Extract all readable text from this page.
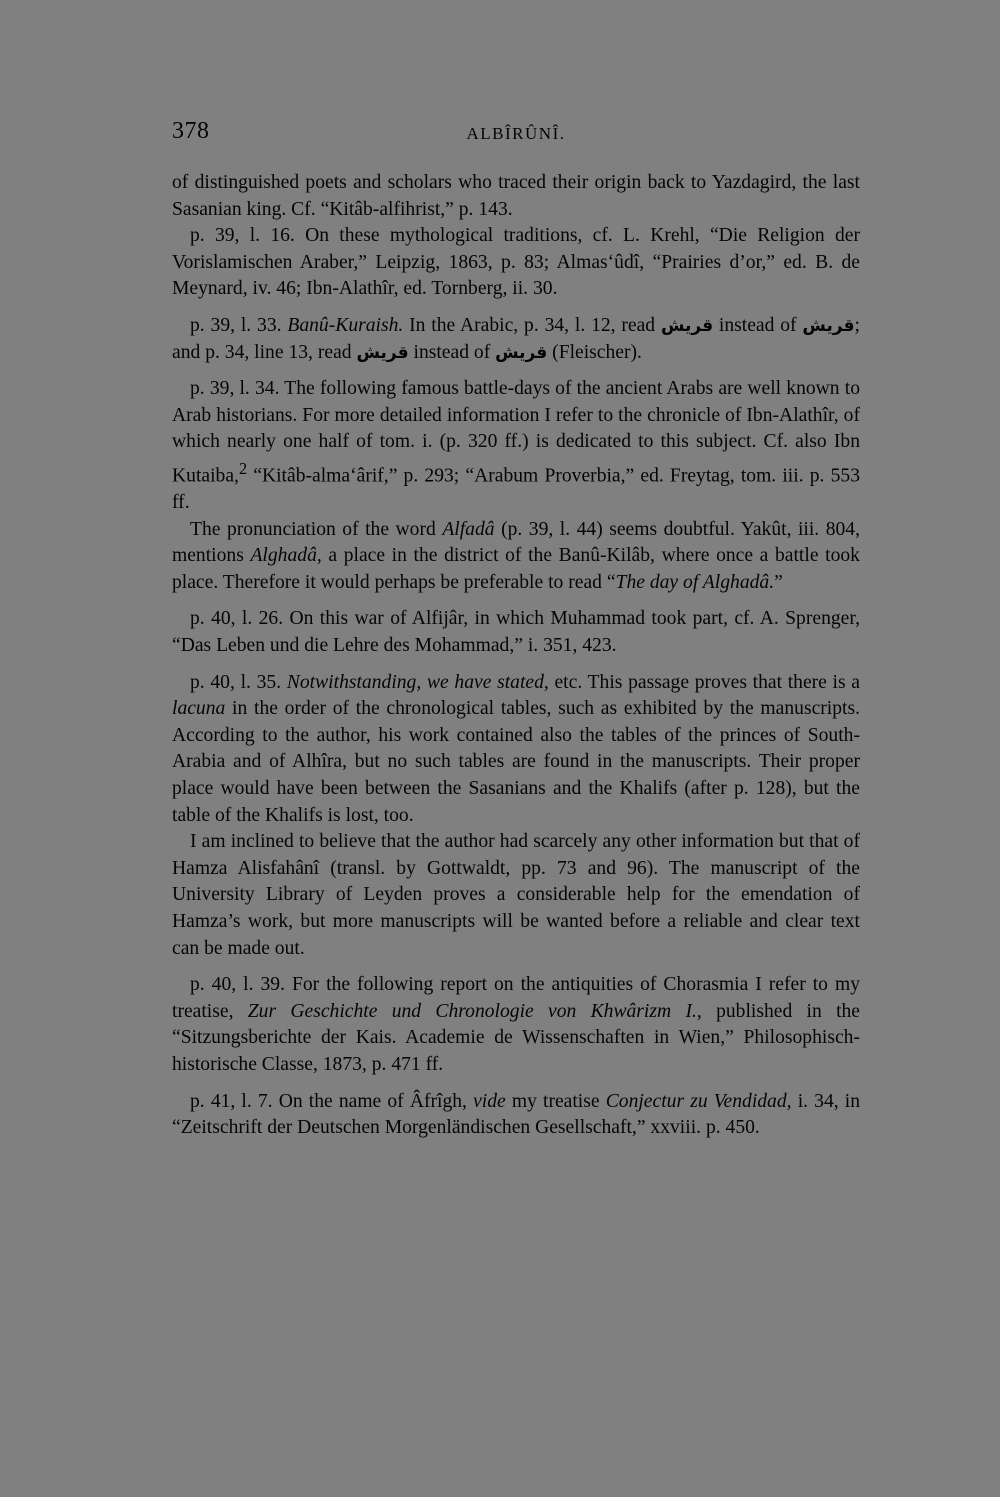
378	ALBÎRÛNÎ.

of distinguished poets and scholars who traced their origin back to Yazdagird, the last Sasanian king. Cf. “Kitâb-alfihrist,” p. 143.

p. 39, l. 16. On these mythological traditions, cf. L. Krehl, “Die Religion der Vorislamischen Araber,” Leipzig, 1863, p. 83; Almas‘ûdî, “Prairies d’or,” ed. B. de Meynard, iv. 46; Ibn-Alathîr, ed. Tornberg, ii. 30.

p. 39, l. 33. Banû-Kuraish. In the Arabic, p. 34, l. 12, read قريش instead of قريش; and p. 34, line 13, read قريش instead of قريش (Fleischer).

p. 39, l. 34. The following famous battle-days of the ancient Arabs are well known to Arab historians. For more detailed information I refer to the chronicle of Ibn-Alathîr, of which nearly one half of tom. i. (p. 320 ff.) is dedicated to this subject. Cf. also Ibn Kutaiba,$^2$ “Kitâb-alma‘ârif,” p. 293; “Arabum Proverbia,” ed. Freytag, tom. iii. p. 553 ff.

The pronunciation of the word Alfadâ (p. 39, l. 44) seems doubtful. Yakût, iii. 804, mentions Alghadâ, a place in the district of the Banû-Kilâb, where once a battle took place. Therefore it would perhaps be preferable to read “The day of Alghadâ.”

p. 40, l. 26. On this war of Alfijâr, in which Muhammad took part, cf. A. Sprenger, “Das Leben und die Lehre des Mohammad,” i. 351, 423.

p. 40, l. 35. Notwithstanding, we have stated, etc. This passage proves that there is a lacuna in the order of the chronological tables, such as exhibited by the manuscripts. According to the author, his work contained also the tables of the princes of South-Arabia and of Alhîra, but no such tables are found in the manuscripts. Their proper place would have been between the Sasanians and the Khalifs (after p. 128), but the table of the Khalifs is lost, too.

I am inclined to believe that the author had scarcely any other information but that of Hamza Alisfahânî (transl. by Gottwaldt, pp. 73 and 96). The manuscript of the University Library of Leyden proves a considerable help for the emendation of Hamza’s work, but more manuscripts will be wanted before a reliable and clear text can be made out.

p. 40, l. 39. For the following report on the antiquities of Chorasmia I refer to my treatise, Zur Geschichte und Chronologie von Khwârizm I., published in the “Sitzungsberichte der Kais. Academie de Wissenschaften in Wien,” Philosophisch-historische Classe, 1873, p. 471 ff.

p. 41, l. 7. On the name of Âfrîgh, vide my treatise Conjectur zu Vendidad, i. 34, in “Zeitschrift der Deutschen Morgenländischen Gesellschaft,” xxviii. p. 450.
